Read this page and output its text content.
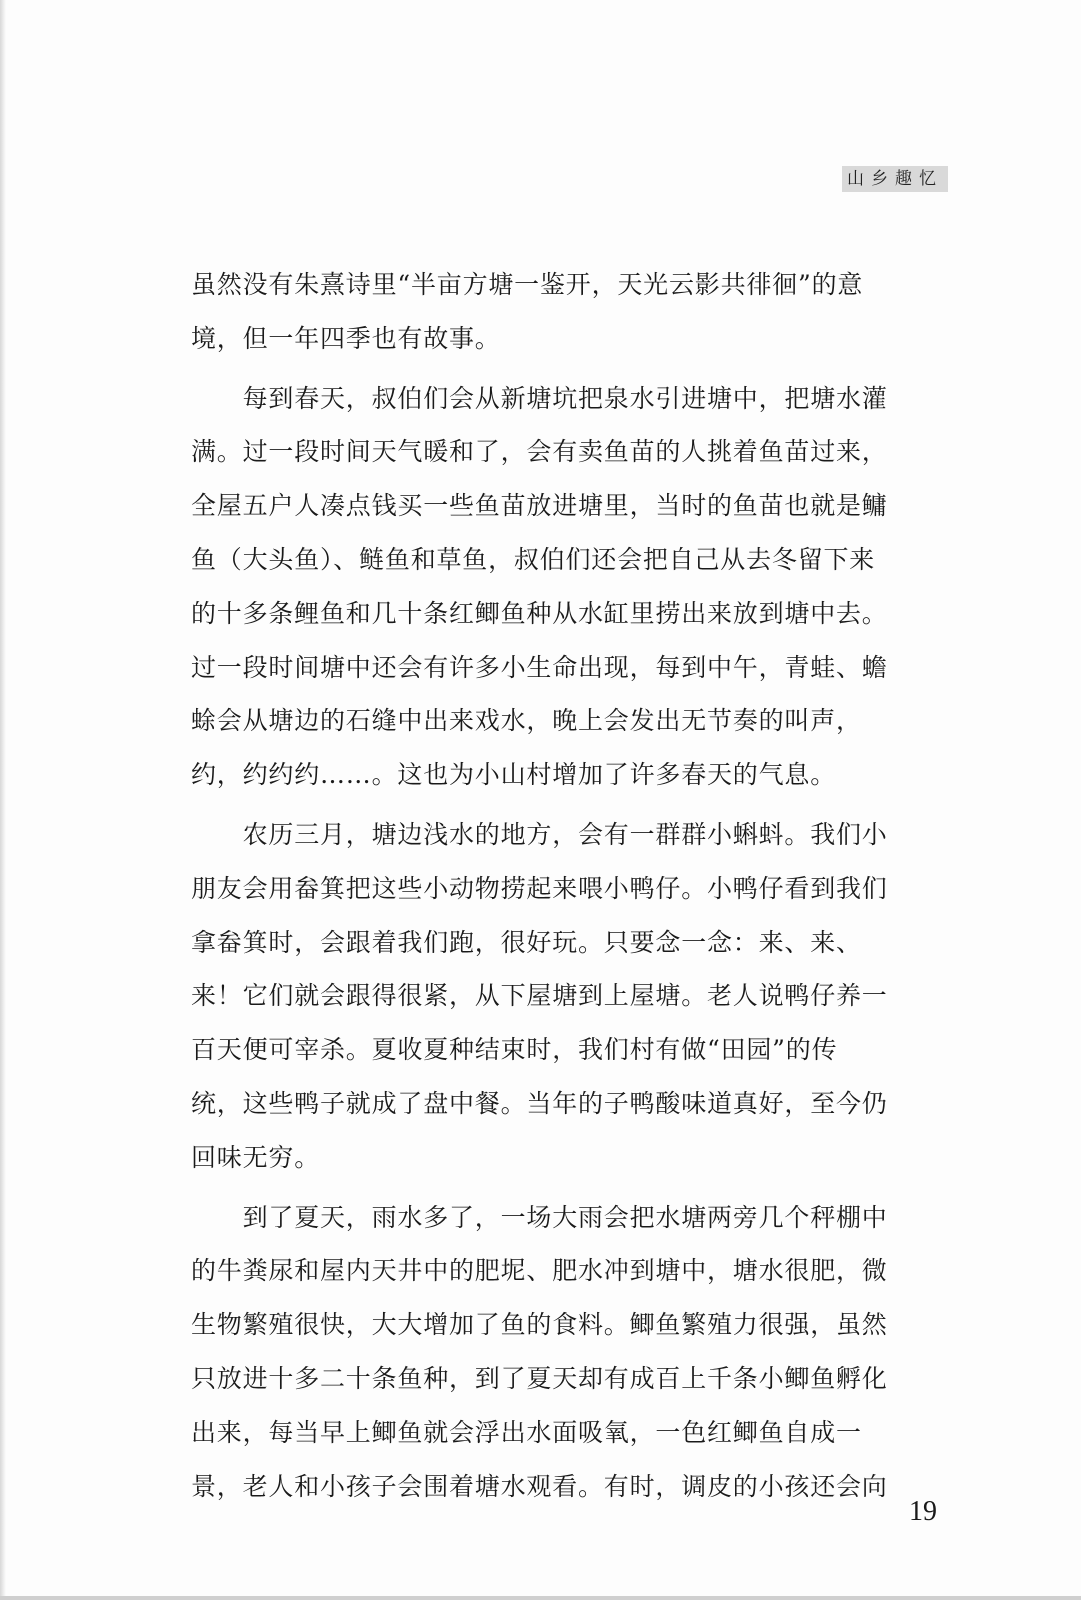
山乡趣忆
虽然没有朱熹诗里“半亩方塘一鉴开，天光云影共徘徊”的意
境，但一年四季也有故事。
　　每到春天，叔伯们会从新塘坑把泉水引进塘中，把塘水灌
满。过一段时间天气暖和了，会有卖鱼苗的人挑着鱼苗过来，
全屋五户人凑点钱买一些鱼苗放进塘里，当时的鱼苗也就是鳙
鱼（大头鱼）、鲢鱼和草鱼，叔伯们还会把自己从去冬留下来
的十多条鲤鱼和几十条红鲫鱼种从水缸里捞出来放到塘中去。
过一段时间塘中还会有许多小生命出现，每到中午，青蛙、蟾
蜍会从塘边的石缝中出来戏水，晚上会发出无节奏的叫声，
约，约约约……。这也为小山村增加了许多春天的气息。
　　农历三月，塘边浅水的地方，会有一群群小蝌蚪。我们小
朋友会用畚箕把这些小动物捞起来喂小鸭仔。小鸭仔看到我们
拿畚箕时，会跟着我们跑，很好玩。只要念一念：来、来、
来！它们就会跟得很紧，从下屋塘到上屋塘。老人说鸭仔养一
百天便可宰杀。夏收夏种结束时，我们村有做“田园”的传
统，这些鸭子就成了盘中餐。当年的子鸭酸味道真好，至今仍
回味无穷。
　　到了夏天，雨水多了，一场大雨会把水塘两旁几个秤棚中
的牛粪尿和屋内天井中的肥坭、肥水冲到塘中，塘水很肥，微
生物繁殖很快，大大增加了鱼的食料。鲫鱼繁殖力很强，虽然
只放进十多二十条鱼种，到了夏天却有成百上千条小鲫鱼孵化
出来，每当早上鲫鱼就会浮出水面吸氧，一色红鲫鱼自成一
景，老人和小孩子会围着塘水观看。有时，调皮的小孩还会向
19
